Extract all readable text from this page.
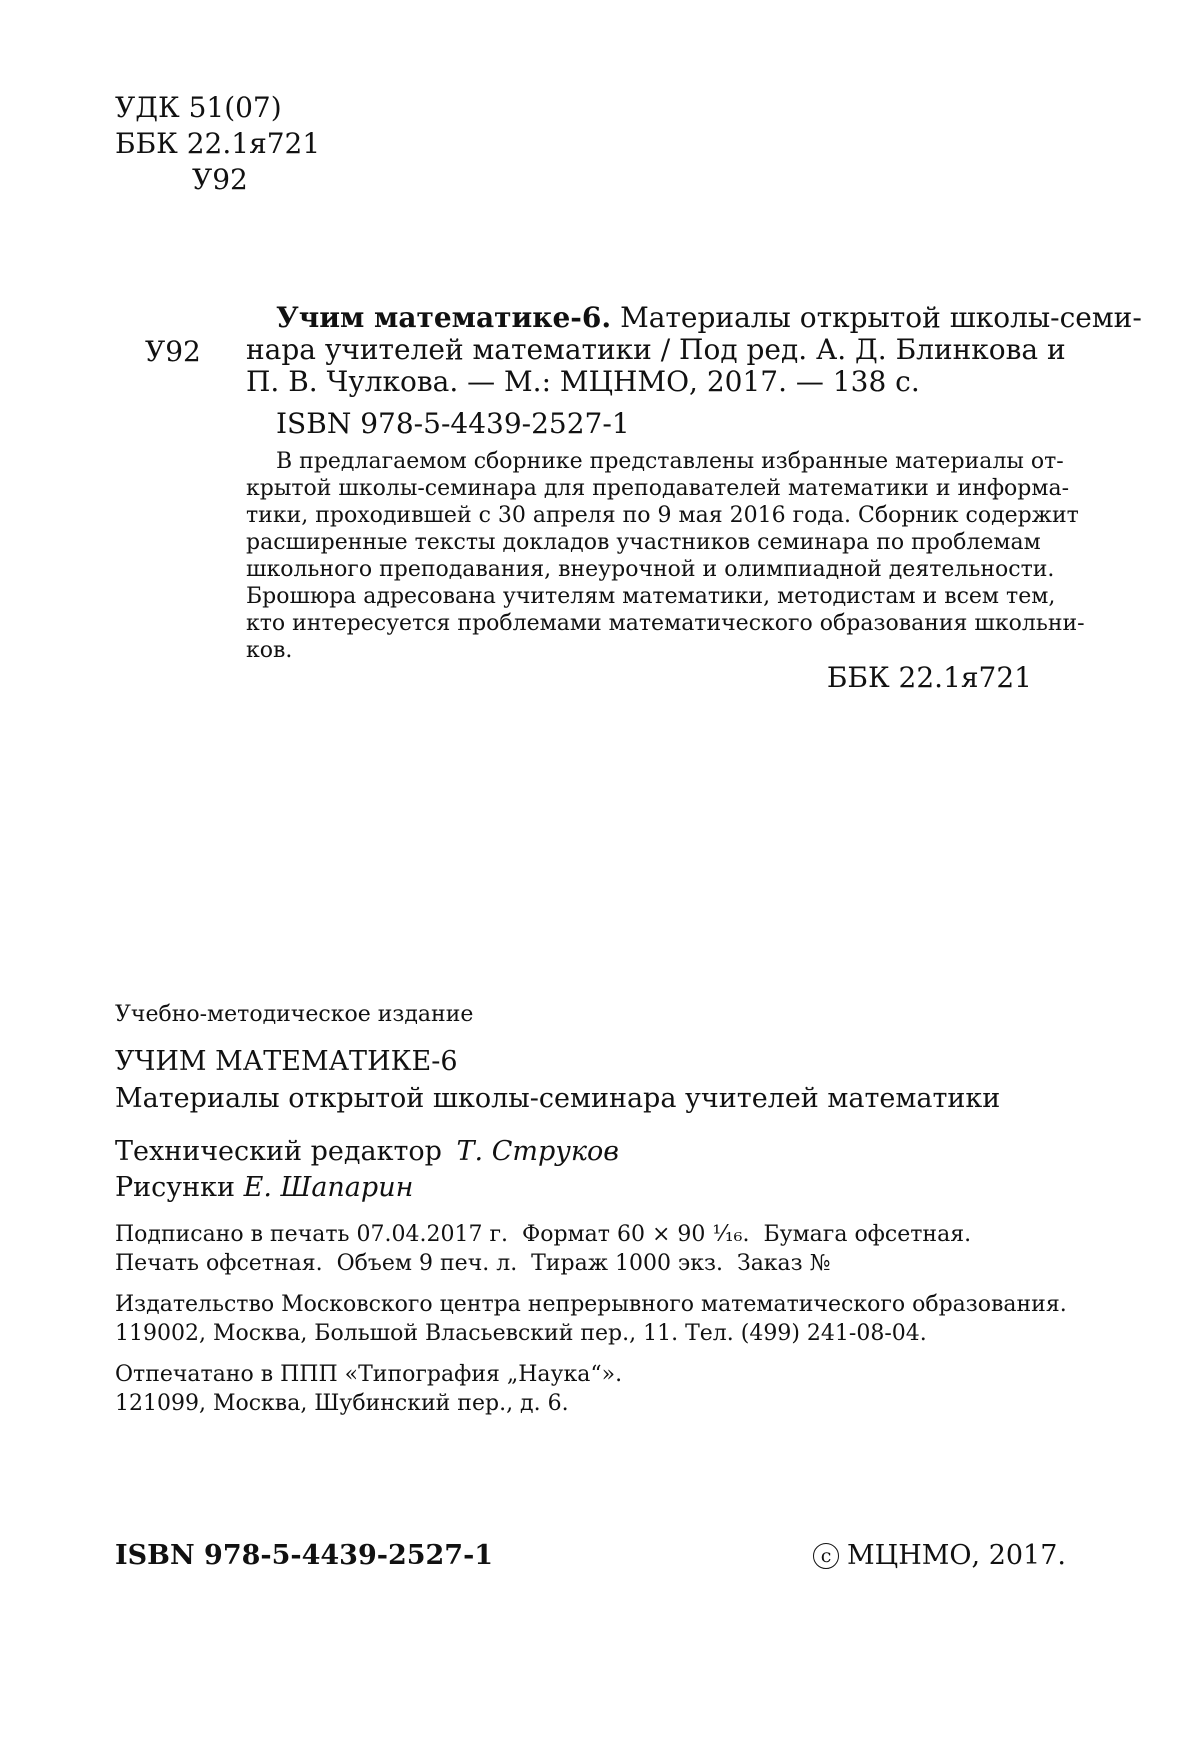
УДК 51(07)
ББК 22.1я721
У92
У92
Учим математике-6. Материалы открытой школы-семи-
нара учителей математики / Под ред. А. Д. Блинкова и
П. В. Чулкова. — М.: МЦНМО, 2017. — 138 с.
ISBN 978-5-4439-2527-1
В предлагаемом сборнике представлены избранные материалы от-
крытой школы-семинара для преподавателей математики и информа-
тики, проходившей с 30 апреля по 9 мая 2016 года. Сборник содержит
расширенные тексты докладов участников семинара по проблемам
школьного преподавания, внеурочной и олимпиадной деятельности.
Брошюра адресована учителям математики, методистам и всем тем,
кто интересуется проблемами математического образования школьни-
ков.
ББК 22.1я721
Учебно-методическое издание
УЧИМ МАТЕМАТИКЕ-6
Материалы открытой школы-семинара учителей математики
Технический редактор Т. Струков
Рисунки Е. Шапарин
Подписано в печать 07.04.2017 г.  Формат 60 × 90 ¹⁄₁₆.  Бумага офсетная.
Печать офсетная.  Объем 9 печ. л.  Тираж 1000 экз.  Заказ №
Издательство Московского центра непрерывного математического образования.
119002, Москва, Большой Власьевский пер., 11. Тел. (499) 241-08-04.
Отпечатано в ППП «Типография „Наука“».
121099, Москва, Шубинский пер., д. 6.
ISBN 978-5-4439-2527-1	c МЦНМО, 2017.
